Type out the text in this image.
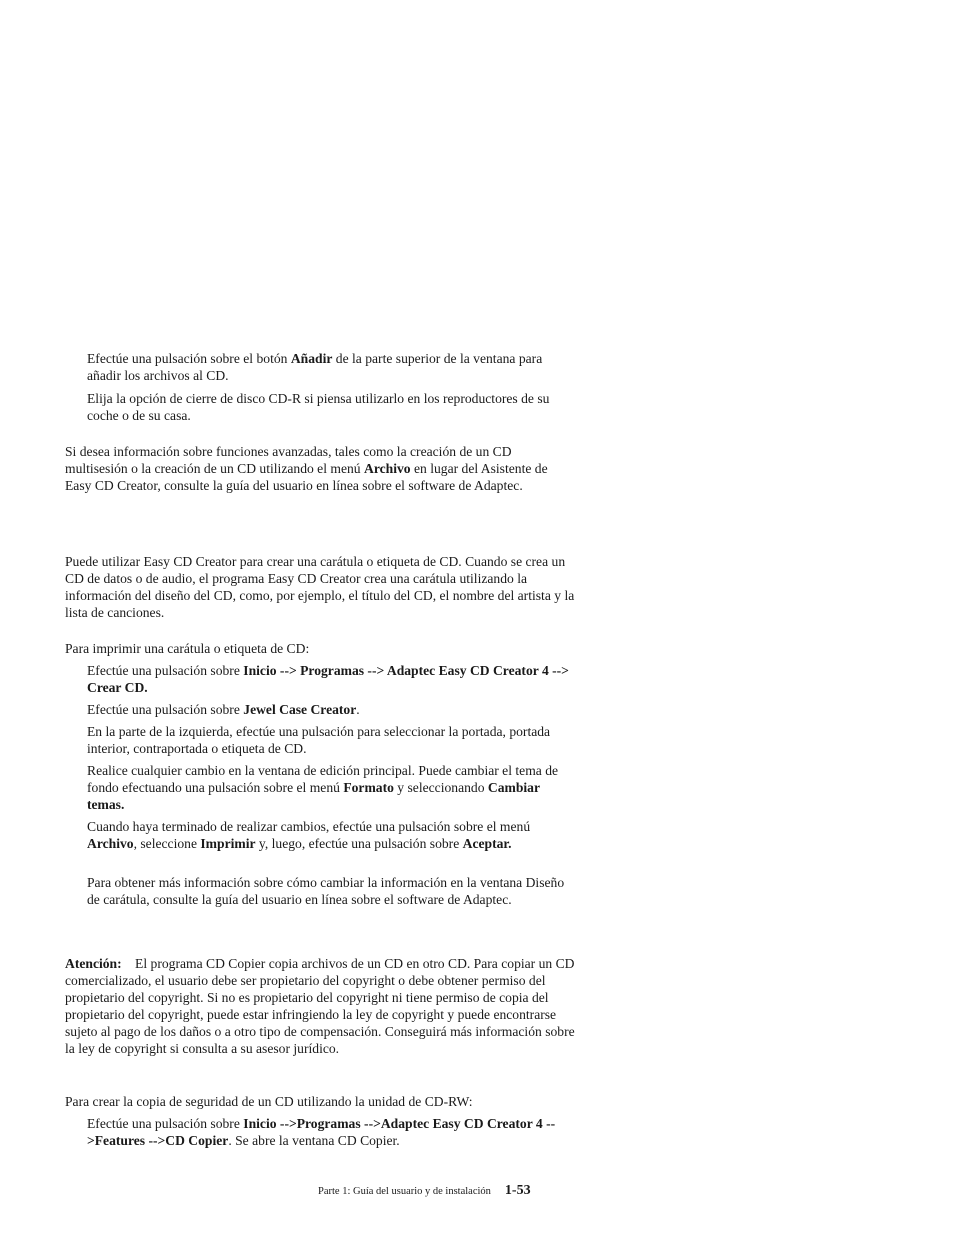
Efectúe una pulsación sobre el botón Añadir de la parte superior de la ventana para añadir los archivos al CD.

Elija la opción de cierre de disco CD-R si piensa utilizarlo en los reproductores de su coche o de su casa.

Si desea información sobre funciones avanzadas, tales como la creación de un CD multisesión o la creación de un CD utilizando el menú Archivo en lugar del Asistente de Easy CD Creator, consulte la guía del usuario en línea sobre el software de Adaptec.

Puede utilizar Easy CD Creator para crear una carátula o etiqueta de CD. Cuando se crea un CD de datos o de audio, el programa Easy CD Creator crea una carátula utilizando la información del diseño del CD, como, por ejemplo, el título del CD, el nombre del artista y la lista de canciones.

Para imprimir una carátula o etiqueta de CD:

Efectúe una pulsación sobre Inicio --> Programas --> Adaptec Easy CD Creator 4 --> Crear CD.

Efectúe una pulsación sobre Jewel Case Creator.

En la parte de la izquierda, efectúe una pulsación para seleccionar la portada, portada interior, contraportada o etiqueta de CD.

Realice cualquier cambio en la ventana de edición principal. Puede cambiar el tema de fondo efectuando una pulsación sobre el menú Formato y seleccionando Cambiar temas.

Cuando haya terminado de realizar cambios, efectúe una pulsación sobre el menú Archivo, seleccione Imprimir y, luego, efectúe una pulsación sobre Aceptar.

Para obtener más información sobre cómo cambiar la información en la ventana Diseño de carátula, consulte la guía del usuario en línea sobre el software de Adaptec.

Atención: El programa CD Copier copia archivos de un CD en otro CD. Para copiar un CD comercializado, el usuario debe ser propietario del copyright o debe obtener permiso del propietario del copyright. Si no es propietario del copyright ni tiene permiso de copia del propietario del copyright, puede estar infringiendo la ley de copyright y puede encontrarse sujeto al pago de los daños o a otro tipo de compensación. Conseguirá más información sobre la ley de copyright si consulta a su asesor jurídico.

Para crear la copia de seguridad de un CD utilizando la unidad de CD-RW:

Efectúe una pulsación sobre Inicio -->Programas -->Adaptec Easy CD Creator 4 -->Features -->CD Copier. Se abre la ventana CD Copier.

Parte 1: Guía del usuario y de instalación 1-53
